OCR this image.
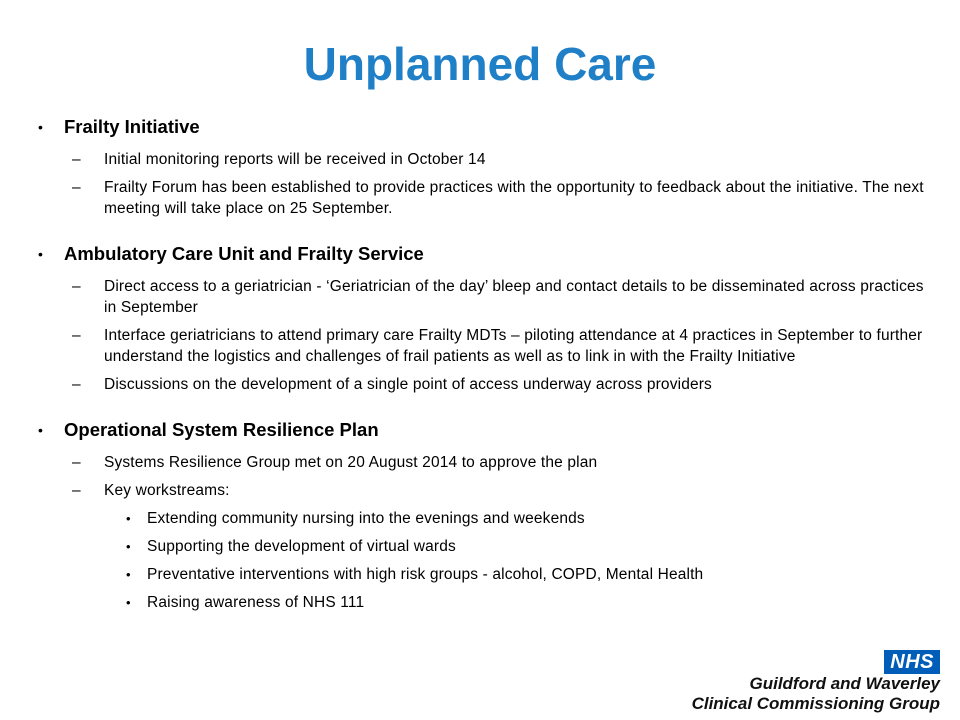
Unplanned Care
• Frailty Initiative
– Initial monitoring reports will be received in October 14
– Frailty Forum has been established to provide practices with the opportunity to feedback about the initiative. The next meeting will take place on 25 September.
• Ambulatory Care Unit and Frailty Service
– Direct access to a geriatrician - ‘Geriatrician of the day’ bleep and contact details to be disseminated across practices in September
– Interface geriatricians to attend primary care Frailty MDTs – piloting attendance at 4 practices in September to further understand the logistics and challenges of frail patients as well as to link in with the Frailty Initiative
– Discussions on the development of a single point of access underway across providers
• Operational System Resilience Plan
– Systems Resilience Group met on 20 August 2014 to approve the plan
– Key workstreams:
• Extending community nursing into the evenings and weekends
• Supporting the development of virtual wards
• Preventative interventions with high risk groups - alcohol, COPD, Mental Health
• Raising awareness of NHS 111
NHS
Guildford and Waverley
Clinical Commissioning Group
